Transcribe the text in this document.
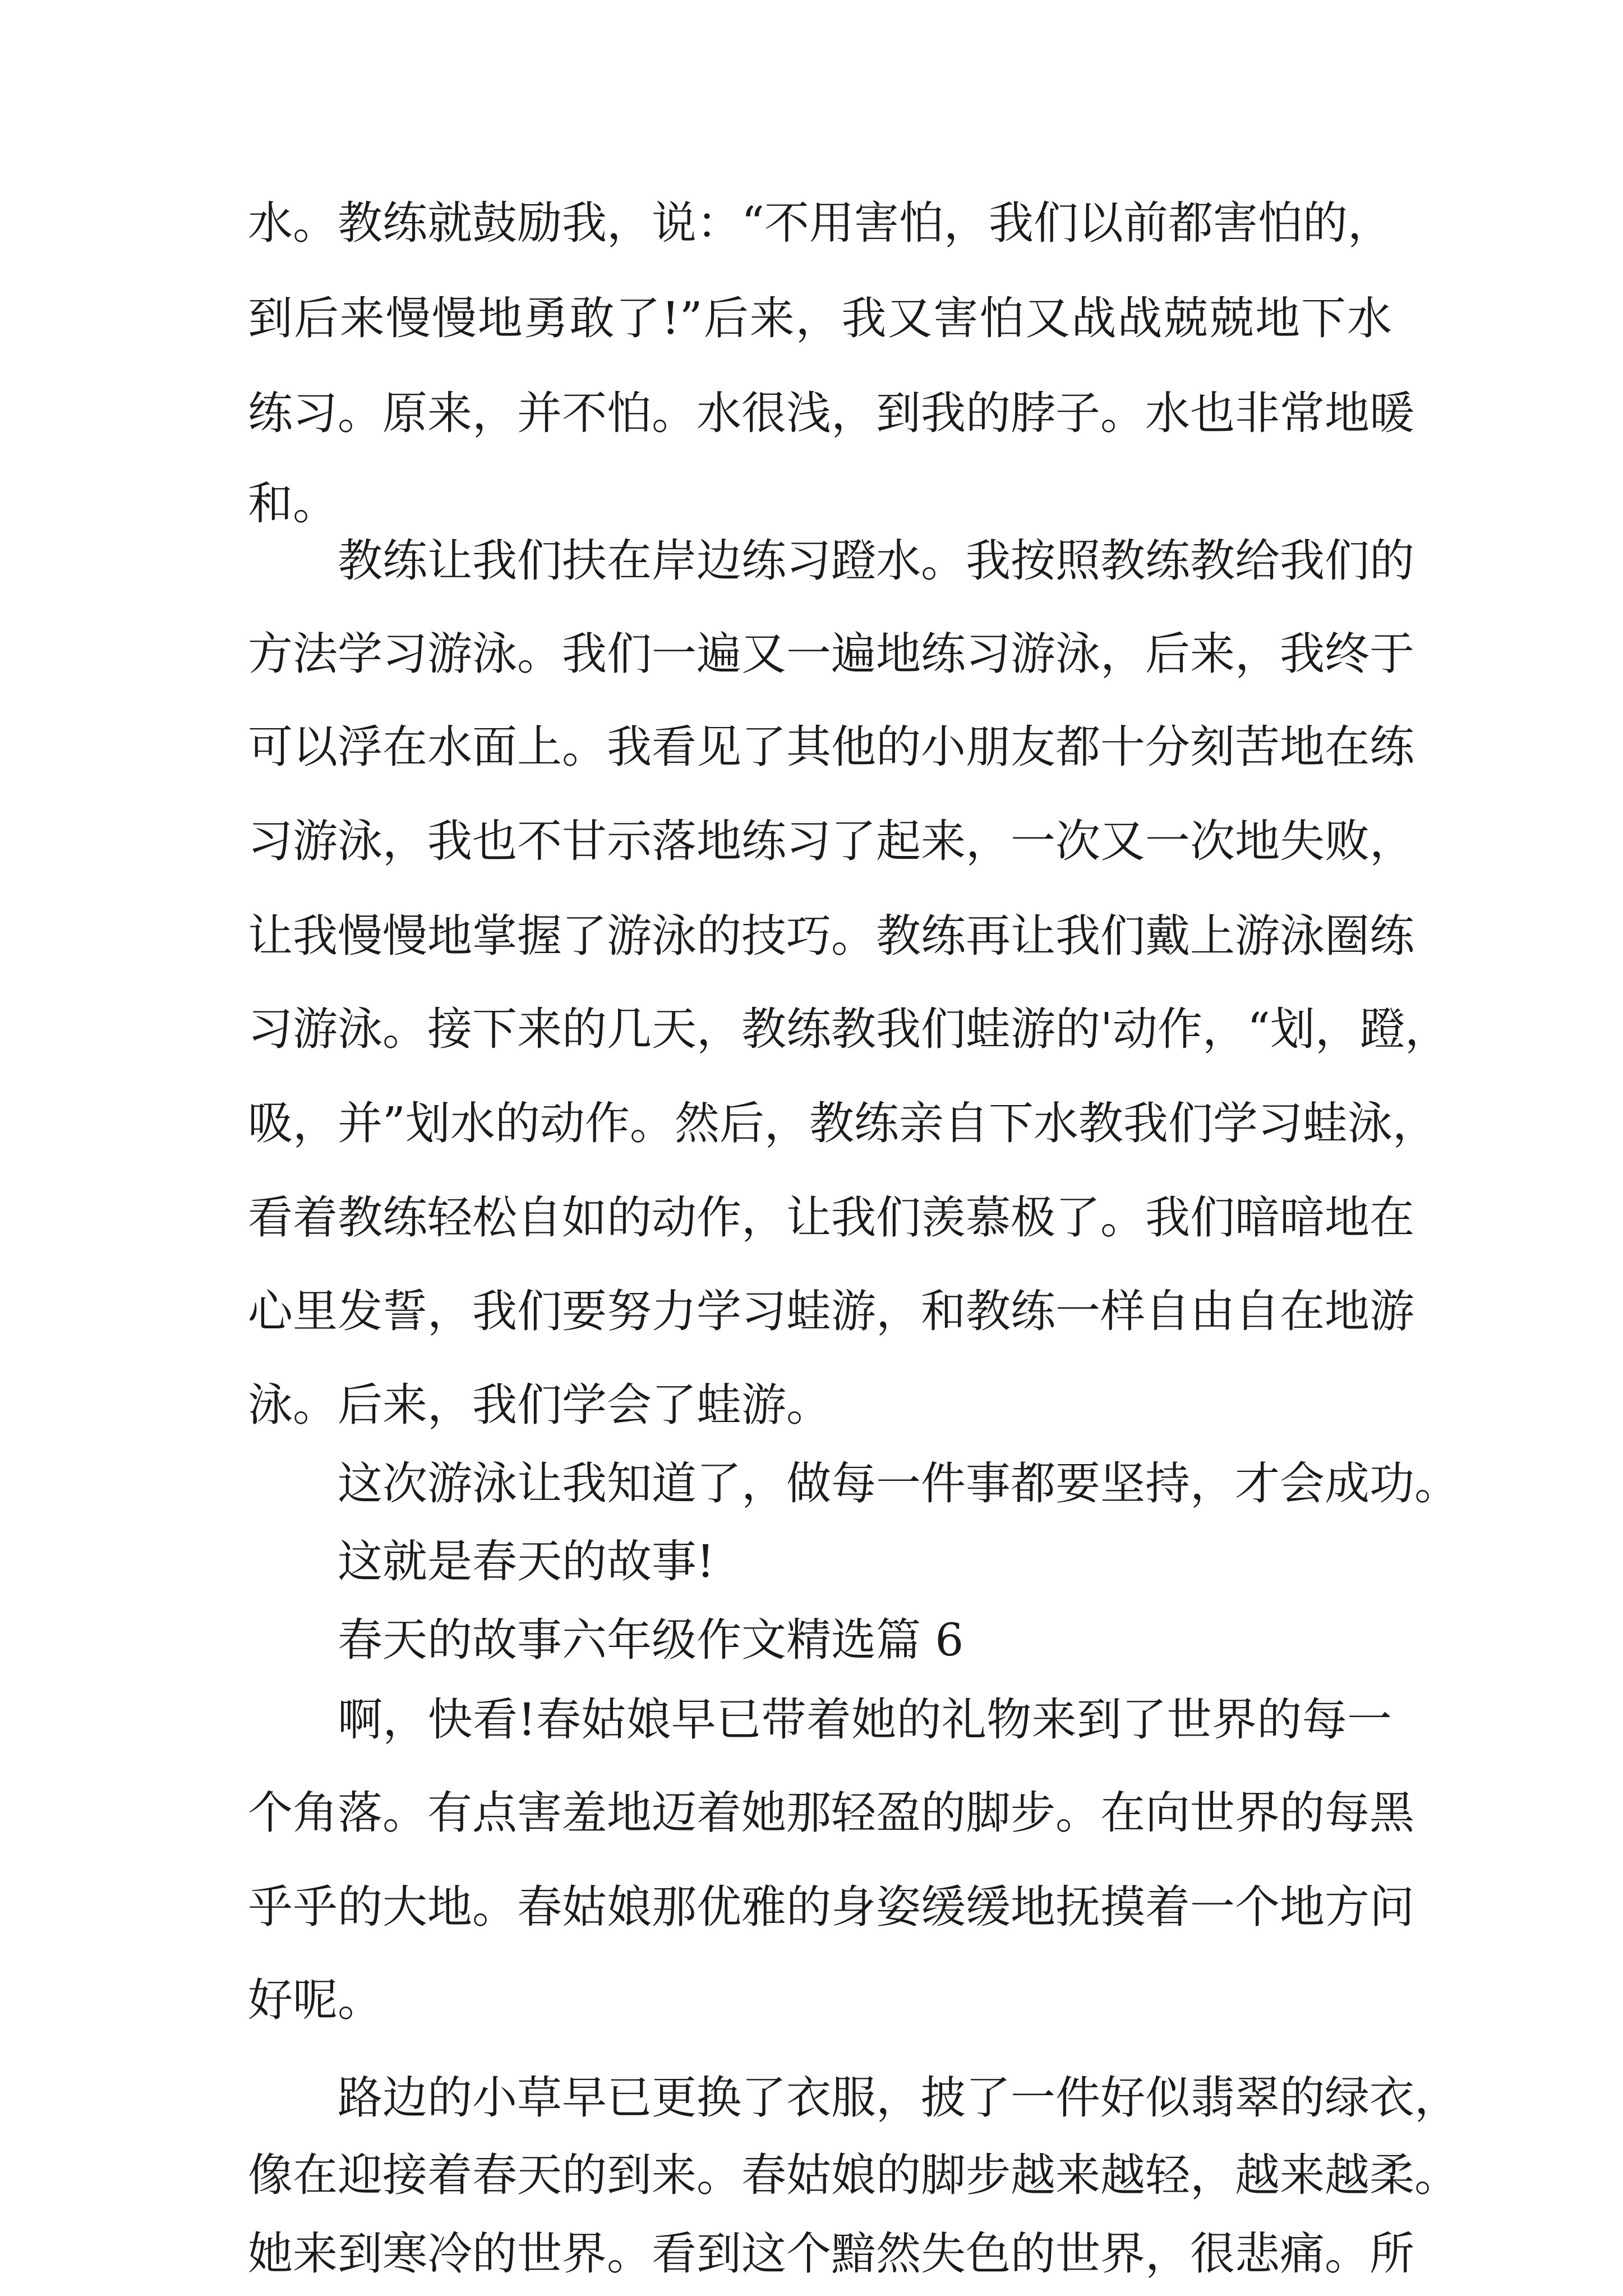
水。教练就鼓励我，说：“不用害怕，我们以前都害怕的，
到后来慢慢地勇敢了!”后来，我又害怕又战战兢兢地下水
练习。原来，并不怕。水很浅，到我的脖子。水也非常地暖
和。
教练让我们扶在岸边练习蹬水。我按照教练教给我们的
方法学习游泳。我们一遍又一遍地练习游泳，后来，我终于
可以浮在水面上。我看见了其他的小朋友都十分刻苦地在练
习游泳，我也不甘示落地练习了起来，一次又一次地失败，
让我慢慢地掌握了游泳的技巧。教练再让我们戴上游泳圈练
习游泳。接下来的几天，教练教我们蛙游的'动作，“划，蹬，
吸，并”划水的动作。然后，教练亲自下水教我们学习蛙泳，
看着教练轻松自如的动作，让我们羡慕极了。我们暗暗地在
心里发誓，我们要努力学习蛙游，和教练一样自由自在地游
泳。后来，我们学会了蛙游。
这次游泳让我知道了，做每一件事都要坚持，才会成功。
这就是春天的故事!
春天的故事六年级作文精选篇 6
啊，快看!春姑娘早已带着她的礼物来到了世界的每一
个角落。有点害羞地迈着她那轻盈的脚步。在向世界的每黑
乎乎的大地。春姑娘那优雅的身姿缓缓地抚摸着一个地方问
好呢。
路边的小草早已更换了衣服，披了一件好似翡翠的绿衣，
像在迎接着春天的到来。春姑娘的脚步越来越轻，越来越柔。
她来到寒冷的世界。看到这个黯然失色的世界，很悲痛。所
